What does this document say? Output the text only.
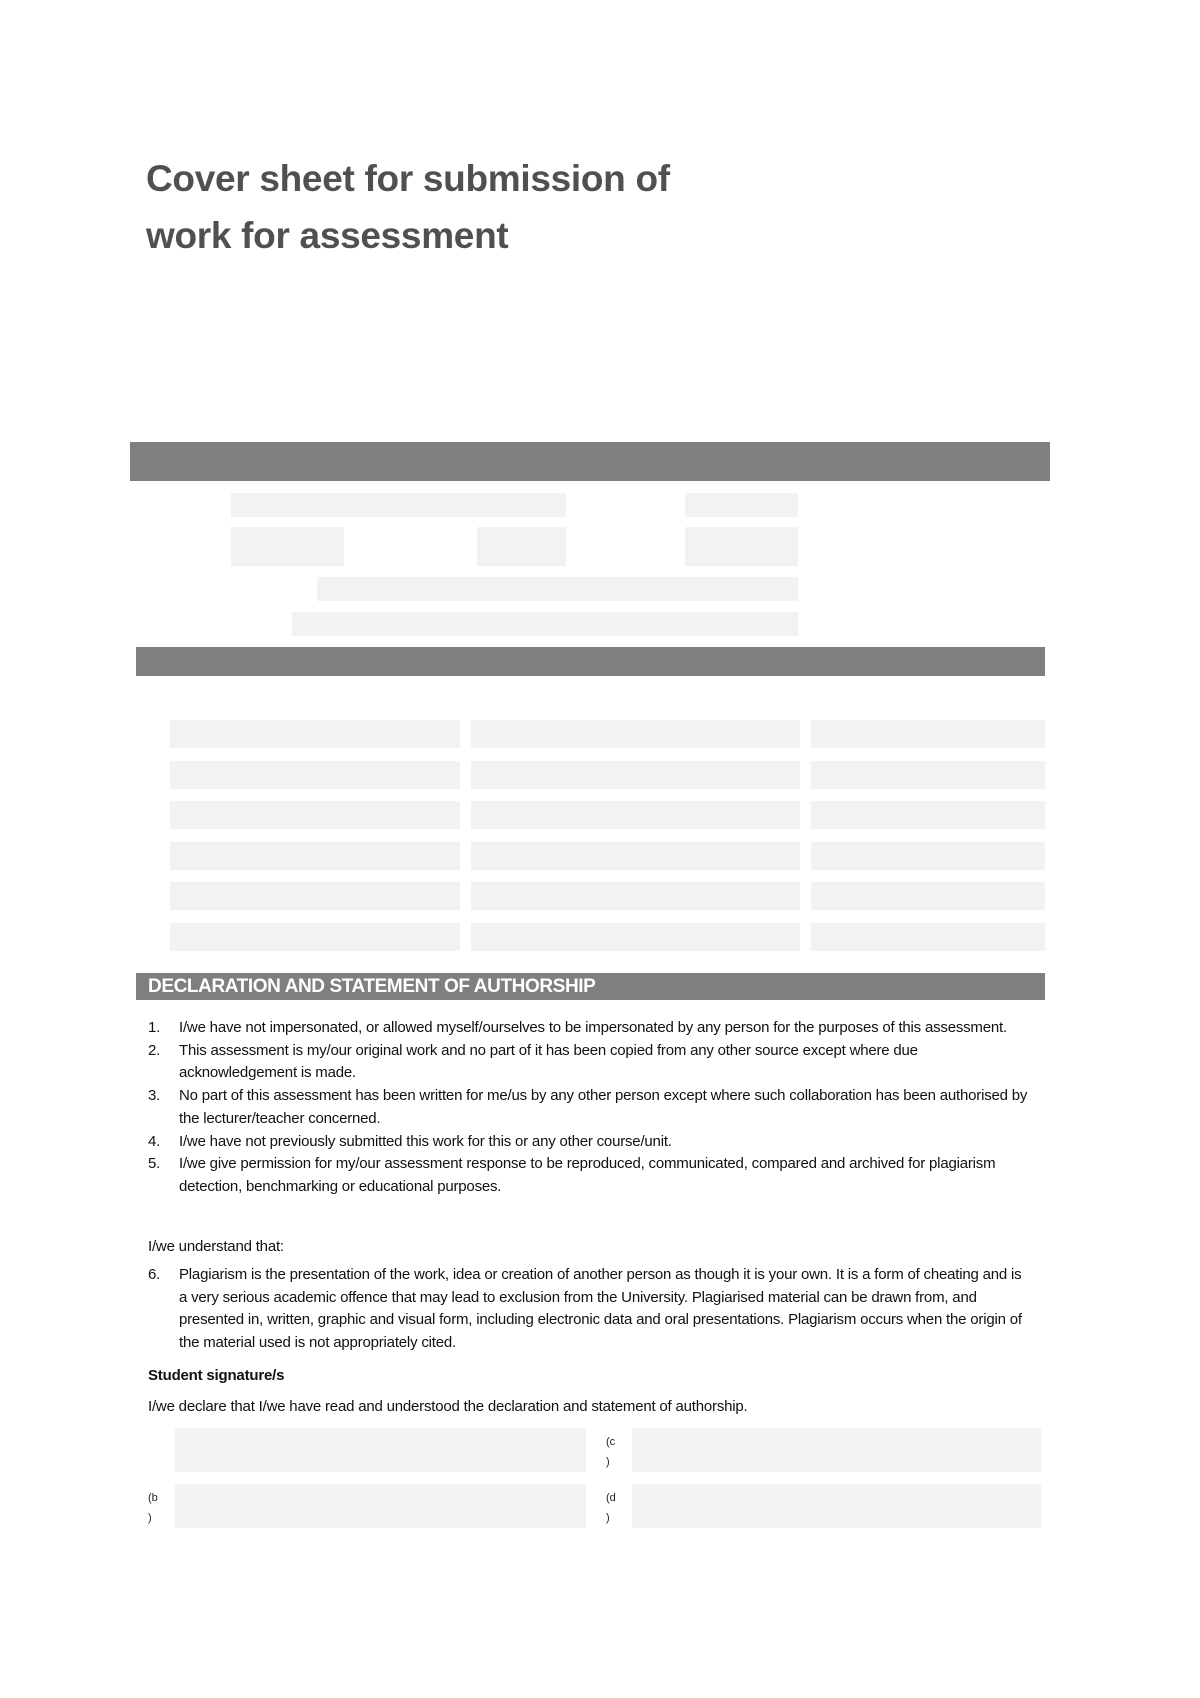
Cover sheet for submission of
work for assessment
DECLARATION AND STATEMENT OF AUTHORSHIP
1. I/we have not impersonated, or allowed myself/ourselves to be impersonated by any person for the purposes of this assessment.
2. This assessment is my/our original work and no part of it has been copied from any other source except where due acknowledgement is made.
3. No part of this assessment has been written for me/us by any other person except where such collaboration has been authorised by the lecturer/teacher concerned.
4. I/we have not previously submitted this work for this or any other course/unit.
5. I/we give permission for my/our assessment response to be reproduced, communicated, compared and archived for plagiarism detection, benchmarking or educational purposes.
I/we understand that:
6. Plagiarism is the presentation of the work, idea or creation of another person as though it is your own. It is a form of cheating and is a very serious academic offence that may lead to exclusion from the University. Plagiarised material can be drawn from, and presented in, written, graphic and visual form, including electronic data and oral presentations. Plagiarism occurs when the origin of the material used is not appropriately cited.
Student signature/s
I/we declare that I/we have read and understood the declaration and statement of authorship.
(c
)
(b
)
(d
)
